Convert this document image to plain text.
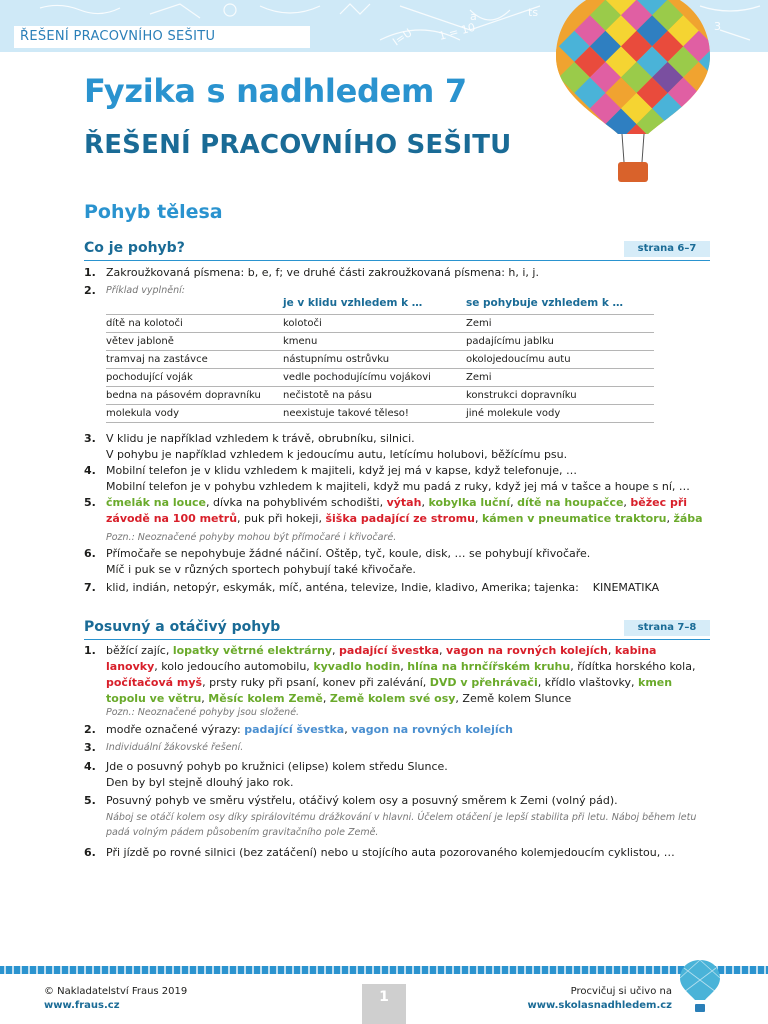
I=U 1 = 10
a	ts
3
ŘEŠENÍ PRACOVNÍHO SEŠITU
Fyzika s nadhledem 7
ŘEŠENÍ PRACOVNÍHO SEŠITU
Pohyb tělesa
Co je pohyb?	strana 6–7
1. Zakroužkovaná písmena: b, e, f; ve druhé části zakroužkovaná písmena: h, i, j.
2.	Příklad vyplnění:
	je v klidu vzhledem k …	se pohybuje vzhledem k …
dítě na kolotoči	kolotoči	Zemi
větev jabloně	kmenu	padajícímu jablku
tramvaj na zastávce	nástupnímu ostrůvku	okolojedoucímu autu
pochodující voják	vedle pochodujícímu vojákovi	Zemi
bedna na pásovém dopravníku	nečistotě na pásu	konstrukci dopravníku
molekula vody	neexistuje takové těleso!	jiné molekule vody
3. V klidu je například vzhledem k trávě, obrubníku, silnici.
V pohybu je například vzhledem k jedoucímu autu, letícímu holubovi, běžícímu psu.
4. Mobilní telefon je v klidu vzhledem k majiteli, když jej má v kapse, když telefonuje, …
Mobilní telefon je v pohybu vzhledem k majiteli, když mu padá z ruky, když jej má v tašce a houpe s ní, …
5. čmelák na louce, dívka na pohyblivém schodišti, výtah, kobylka luční, dítě na houpačce, běžec při závodě na 100 metrů, puk při hokeji, šiška padající ze stromu, kámen v pneumatice traktoru, žába
Pozn.: Neoznačené pohyby mohou být přímočaré i křivočaré.
6. Přímočaře se nepohybuje žádné náčiní. Oštěp, tyč, koule, disk, … se pohybují křivočaře.
Míč i puk se v různých sportech pohybují také křivočaře.
7. klid, indián, netopýr, eskymák, míč, anténa, televize, Indie, kladivo, Amerika; tajenka: KINEMATIKA
Posuvný a otáčivý pohyb	strana 7–8
1. běžící zajíc, lopatky větrné elektrárny, padající švestka, vagon na rovných kolejích, kabina lanovky, kolo jedoucího automobilu, kyvadlo hodin, hlína na hrnčířském kruhu, řídítka horského kola, počítačová myš, prsty ruky při psaní, konev při zalévání, DVD v přehrávači, křídlo vlaštovky, kmen topolu ve větru, Měsíc kolem Země, Země kolem své osy, Země kolem Slunce
Pozn.: Neoznačené pohyby jsou složené.
2. modře označené výrazy: padající švestka, vagon na rovných kolejích
3.	Individuální žákovské řešení.
4. Jde o posuvný pohyb po kružnici (elipse) kolem středu Slunce.
Den by byl stejně dlouhý jako rok.
5. Posuvný pohyb ve směru výstřelu, otáčivý kolem osy a posuvný směrem k Zemi (volný pád).
Náboj se otáčí kolem osy díky spirálovitému drážkování v hlavni. Účelem otáčení je lepší stabilita při letu. Náboj během letu padá volným pádem působením gravitačního pole Země.
6. Při jízdě po rovné silnici (bez zatáčení) nebo u stojícího auta pozorovaného kolemjedoucím cyklistou, …
© Nakladatelství Fraus 2019
www.fraus.cz
1	Procvičuj si učivo na
www.skolasnadhledem.cz
